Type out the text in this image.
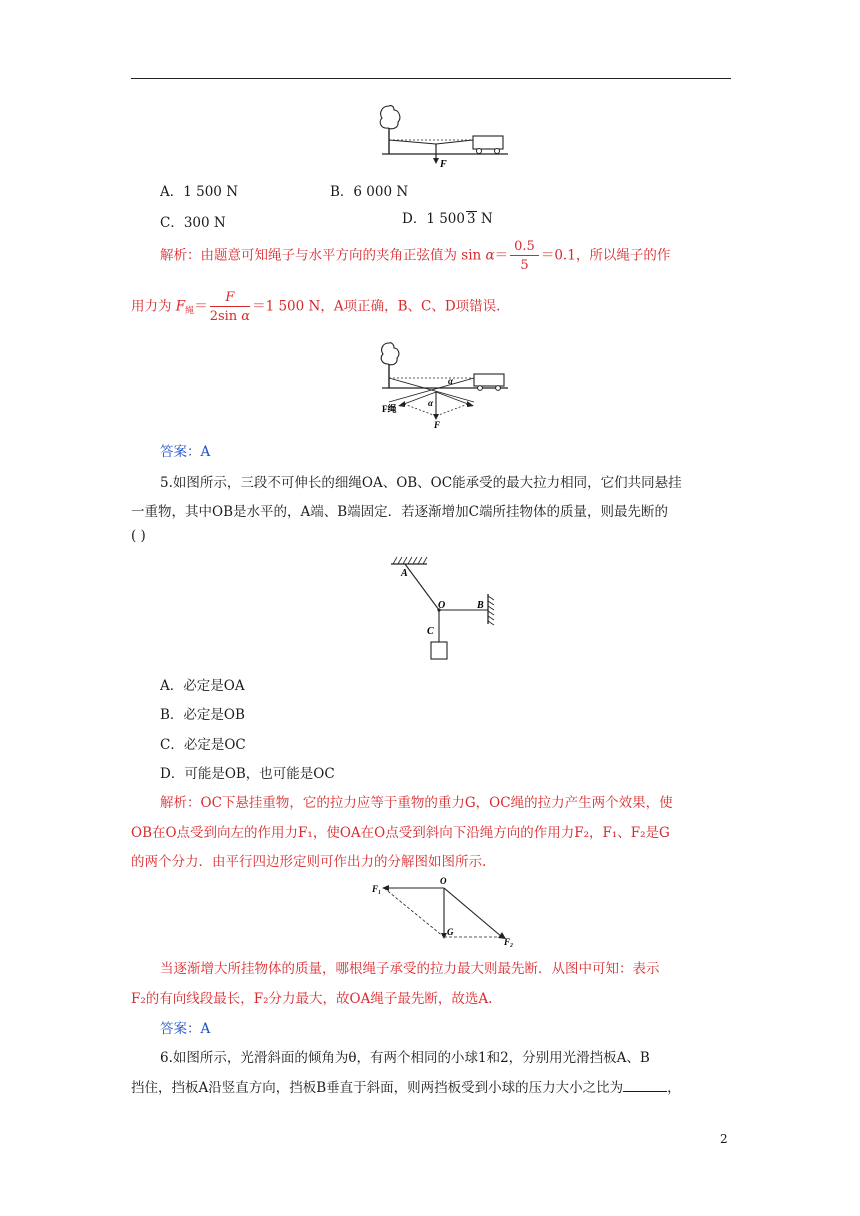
F
A．1 500 N	B．6 000 N
C．300 N	D．1 500 3 N
解析：由题意可知绳子与水平方向的夹角正弦值为 $\sin \alpha= \frac{0.5}{5} =0.1$，所以绳子的作
用力为 $F_绳= \frac{F}{\text{2sin α}} =1$ 500 N，A项正确，B、C、D项错误.
α
α
F绳
F
答案：A
5.如图所示，三段不可伸长的细绳OA、OB、OC能承受的最大拉力相同，它们共同悬挂
一重物，其中OB是水平的，A端、B端固定．若逐渐增加C端所挂物体的质量，则最先断的
( )
A
O	B
C
A．必定是OA
B．必定是OB
C．必定是OC
D．可能是OB，也可能是OC
解析：OC下悬挂重物，它的拉力应等于重物的重力G，OC绳的拉力产生两个效果，使
OB在O点受到向左的作用力F₁，使OA在O点受到斜向下沿绳方向的作用力F₂，F₁、F₂是G
的两个分力．由平行四边形定则可作出力的分解图如图所示.
F₁
O
G
F₂
当逐渐增大所挂物体的质量，哪根绳子承受的拉力最大则最先断．从图中可知：表示
F₂的有向线段最长，F₂分力最大，故OA绳子最先断，故选A.
答案：A
6.如图所示，光滑斜面的倾角为θ，有两个相同的小球1和2，分别用光滑挡板A、B
挡住，挡板A沿竖直方向，挡板B垂直于斜面，则两挡板受到小球的压力大小之比为	，
2
